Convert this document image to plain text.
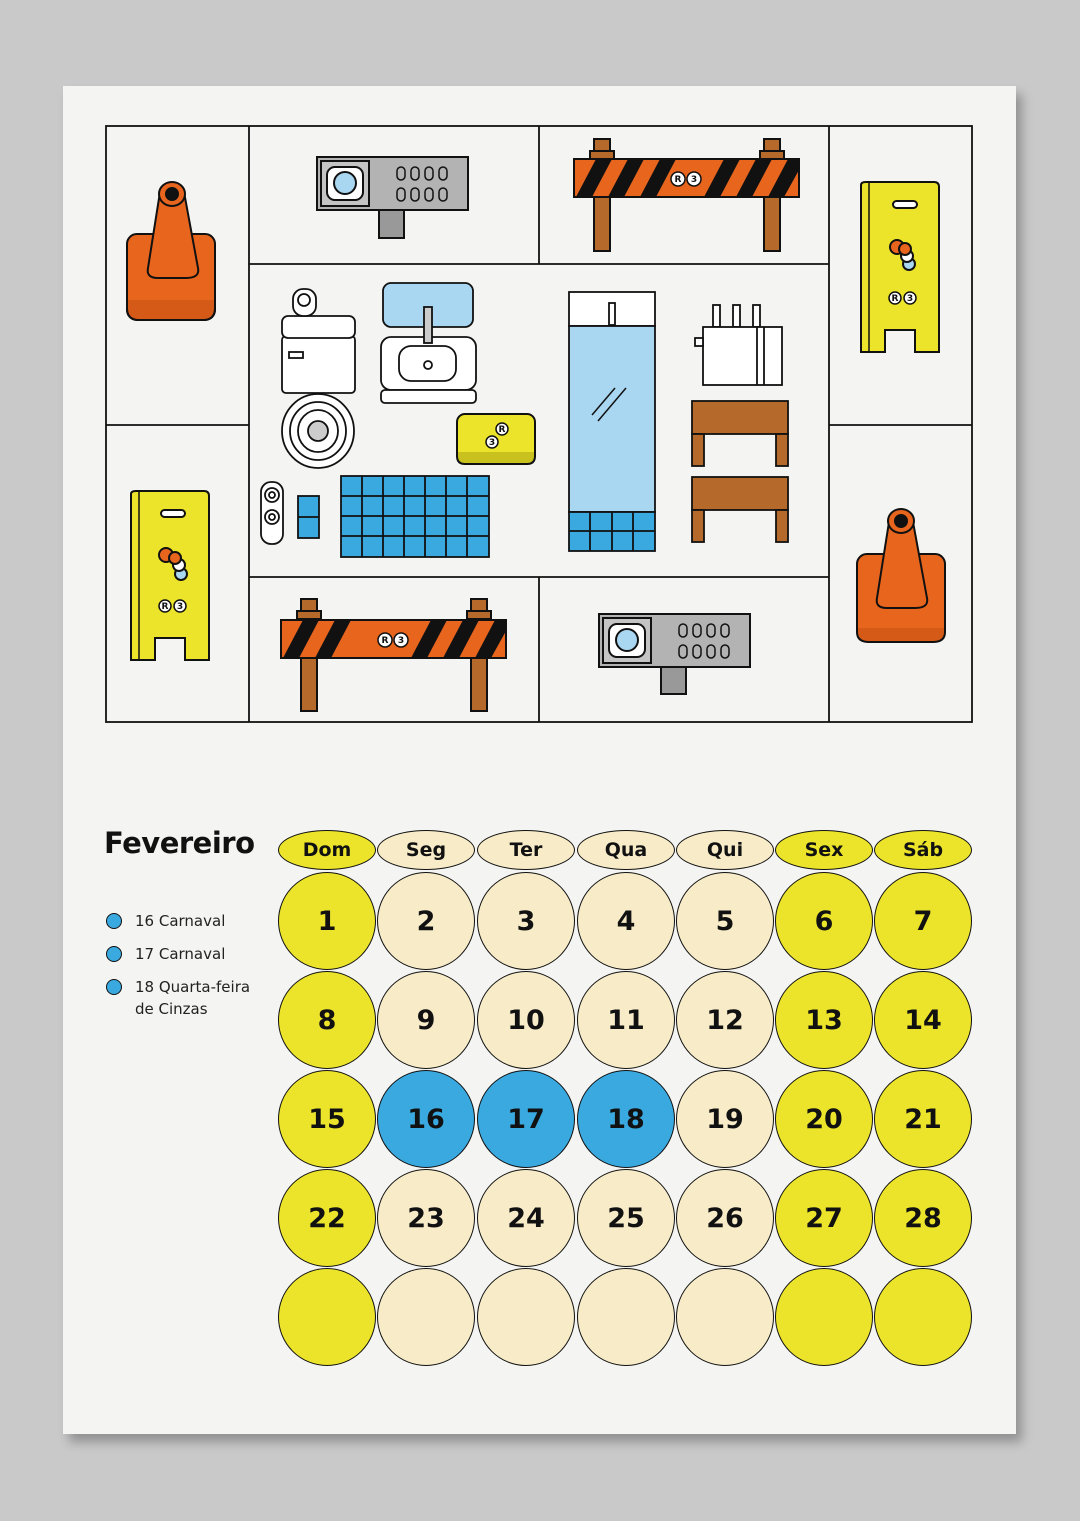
R 3
R 3
R 3
R 3
R
3
Fevereiro
16 Carnaval
17 Carnaval
18 Quarta-feira de Cinzas
Dom	Seg	Ter	Qua	Qui	Sex	Sáb
1	2	3	4	5	6	7
8	9	10	11	12	13	14
15	16	17	18	19	20	21
22	23	24	25	26	27	28
